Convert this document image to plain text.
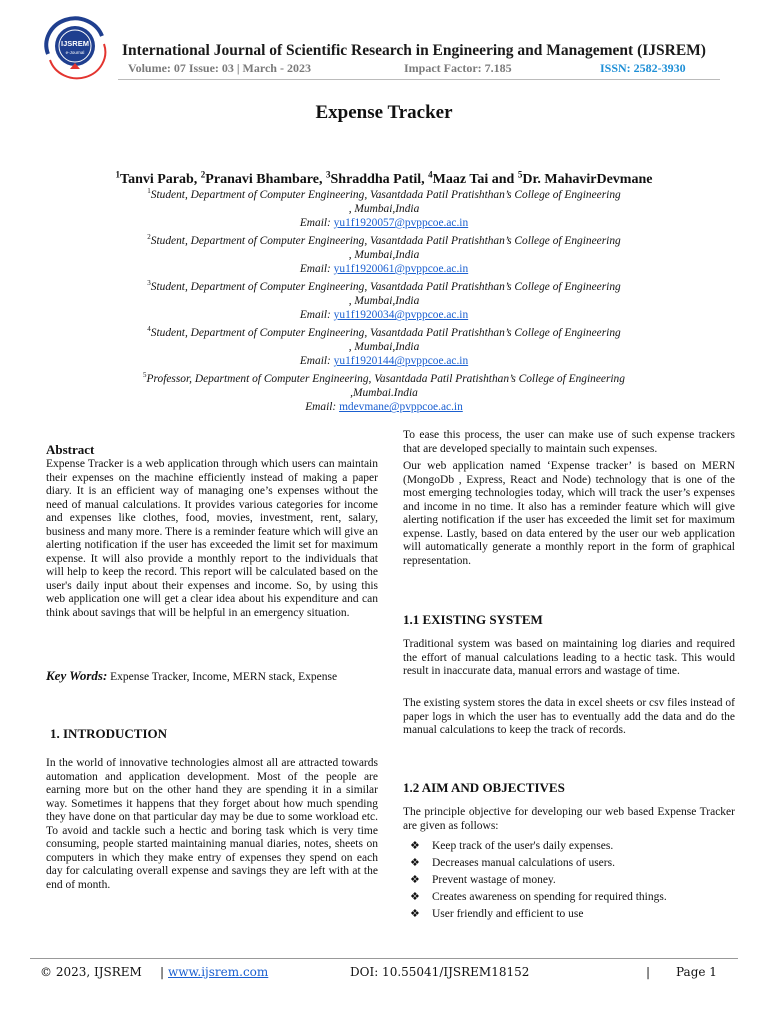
IJSREM
e-Journal International Journal of Scientific Research in Engineering and Management (IJSREM)
Volume: 07 Issue: 03 | March - 2023	Impact Factor: 7.185	ISSN: 2582-3930
Expense Tracker
$^1$Tanvi Parab, $^2$Pranavi Bhambare, $^3$Shraddha Patil, $^4$Maaz Tai and $^5$Dr. MahavirDevmane
$^1$Student, Department of Computer Engineering, Vasantdada Patil Pratishthan’s College of Engineering
, Mumbai,India
Email: yu1f1920057@pvppcoe.ac.in
$^2$Student, Department of Computer Engineering, Vasantdada Patil Pratishthan’s College of Engineering
, Mumbai,India
Email: yu1f1920061@pvppcoe.ac.in
$^3$Student, Department of Computer Engineering, Vasantdada Patil Pratishthan’s College of Engineering
, Mumbai,India
Email: yu1f1920034@pvppcoe.ac.in
$^4$Student, Department of Computer Engineering, Vasantdada Patil Pratishthan’s College of Engineering
, Mumbai,India
Email: yu1f1920144@pvppcoe.ac.in
$^5$Professor, Department of Computer Engineering, Vasantdada Patil Pratishthan’s College of Engineering
,Mumbai.India
Email: mdevmane@pvppcoe.ac.in
Abstract
Expense Tracker is a web application through which users can maintain their expenses on the machine efficiently instead of making a paper diary. It is an efficient way of managing one’s expenses without the need of manual calculations. It provides various categories for income and expenses like clothes, food, movies, investment, rent, salary, business and many more. There is a reminder feature which will give an alerting notification if the user has exceeded the limit set for maximum expense. It will also provide a monthly report to the individuals that will help to keep the record. This report will be calculated based on the user's daily input about their expenses and income. So, by using this web application one will get a clear idea about his expenditure and can think about savings that will be helpful in an emergency situation.
Key Words: Expense Tracker, Income, MERN stack, Expense
1. INTRODUCTION
In the world of innovative technologies almost all are attracted towards automation and application development. Most of the people are earning more but on the other hand they are spending it in a similar way. Sometimes it happens that they forget about how much spending they have done on that particular day may be due to some workload etc. To avoid and tackle such a hectic and boring task which is very time consuming, people started maintaining manual diaries, notes, sheets on computers in which they make entry of expenses they spend on each day for calculating overall expense and savings they are left with at the end of month.
To ease this process, the user can make use of such expense trackers that are developed specially to maintain such expenses.
Our web application named ‘Expense tracker’ is based on MERN (MongoDb , Express, React and Node) technology that is one of the most emerging technologies today, which will track the user’s expenses and income in no time. It also has a reminder feature which will give alerting notification if the user has exceeded the limit set for maximum expense. Lastly, based on data entered by the user our web application will automatically generate a monthly report in the form of graphical representation.
1.1 EXISTING SYSTEM
Traditional system was based on maintaining log diaries and required the effort of manual calculations leading to a hectic task. This would result in inaccurate data, manual errors and wastage of time.
The existing system stores the data in excel sheets or csv files instead of paper logs in which the user has to eventually add the data and do the manual calculations to keep the track of records.
1.2 AIM AND OBJECTIVES
The principle objective for developing our web based Expense Tracker are given as follows:
❖	Keep track of the user's daily expenses.
❖	Decreases manual calculations of users.
❖	Prevent wastage of money.
❖	Creates awareness on spending for required things.
❖	User friendly and efficient to use
© 2023, IJSREM | www.ijsrem.com	DOI: 10.55041/IJSREM18152	| Page 1
